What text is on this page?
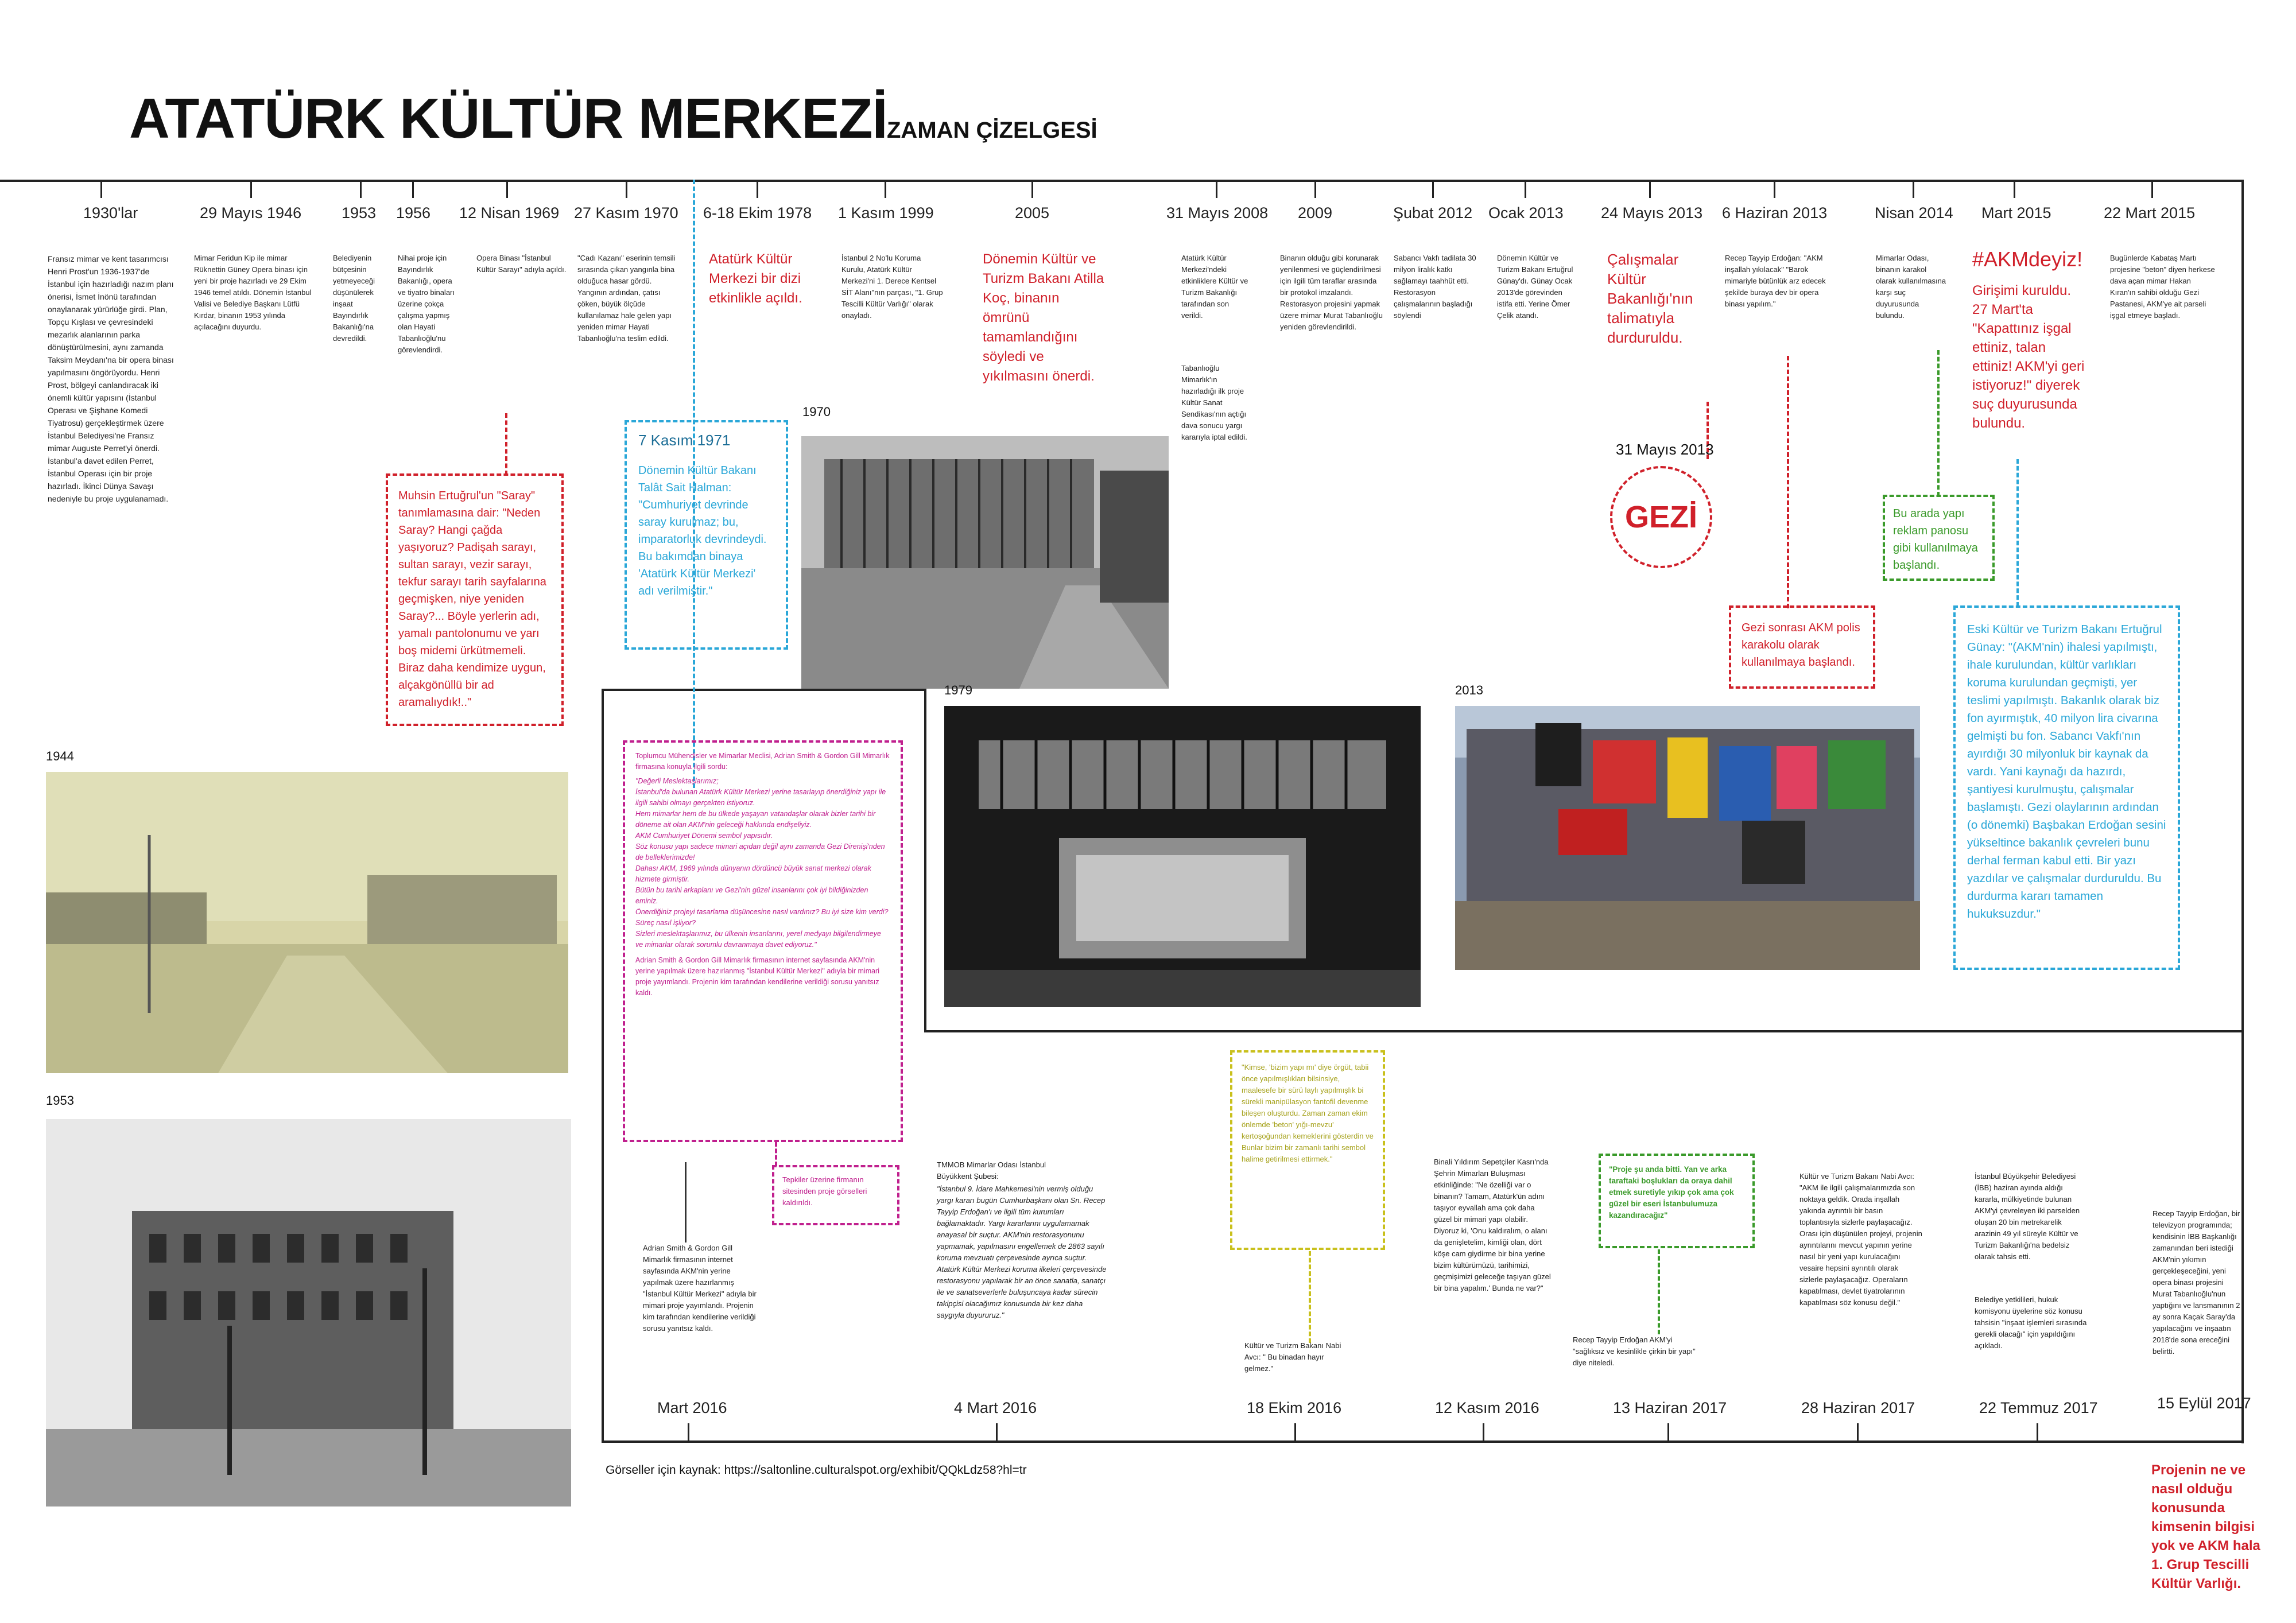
ATATÜRK KÜLTÜR MERKEZİ ZAMAN ÇİZELGESİ
1930'lar	29 Mayıs 1946	1953 1956 12 Nisan 1969 27 Kasım 1970 6-18 Ekim 1978 1 Kasım 1999	2005	31 Mayıs 2008 2009	Şubat 2012 Ocak 2013 24 Mayıs 2013 6 Haziran 2013	Nisan 2014 Mart 2015	22 Mart 2015
Fransız mimar ve kent tasarımcısı Henri Prost'un 1936-1937'de İstanbul için hazırladığı nazım planı önerisi, İsmet İnönü tarafından onaylanarak yürürlüğe girdi. Plan, Topçu Kışlası ve çevresindeki mezarlık alanlarının parka dönüştürülmesini, aynı zamanda Taksim Meydanı'na bir opera binası yapılmasını öngörüyordu. Henri Prost, bölgeyi canlandıracak iki önemli kültür yapısını (İstanbul Operası ve Şişhane Komedi Tiyatrosu) gerçekleştirmek üzere İstanbul Belediyesi'ne Fransız mimar Auguste Perret'yi önerdi. İstanbul'a davet edilen Perret, İstanbul Operası için bir proje hazırladı. İkinci Dünya Savaşı nedeniyle bu proje uygulanamadı.
Mimar Feridun Kip ile mimar Rüknettin Güney Opera binası için yeni bir proje hazırladı ve 29 Ekim 1946 temel atıldı. Dönemin İstanbul Valisi ve Belediye Başkanı Lütfü Kırdar, binanın 1953 yılında açılacağını duyurdu.
Belediyenin bütçesinin yetmeyeceği düşünülerek inşaat Bayındırlık Bakanlığı'na devredildi.
Nihai proje için Bayındırlık Bakanlığı, opera ve tiyatro binaları üzerine çokça çalışma yapmış olan Hayati Tabanlıoğlu'nu görevlendirdi.
Opera Binası "İstanbul Kültür Sarayı" adıyla açıldı.
"Cadı Kazanı" eserinin temsili sırasında çıkan yangınla bina olduğuca hasar gördü. Yangının ardından, çatısı çöken, büyük ölçüde kullanılamaz hale gelen yapı yeniden mimar Hayati Tabanlıoğlu'na teslim edildi.
Atatürk Kültür Merkezi bir dizi etkinlikle açıldı.
İstanbul 2 No'lu Koruma Kurulu, Atatürk Kültür Merkezi'ni 1. Derece Kentsel SİT Alanı"nın parçası, "1. Grup Tescilli Kültür Varlığı" olarak onayladı.
Dönemin Kültür ve Turizm Bakanı Atilla Koç, binanın ömrünü tamamlandığını söyledi ve yıkılmasını önerdi.
Atatürk Kültür Merkezi'ndeki etkinliklere Kültür ve Turizm Bakanlığı tarafından son verildi.
Tabanlıoğlu Mimarlık'ın hazırladığı ilk proje Kültür Sanat Sendikası'nın açtığı dava sonucu yargı kararıyla iptal edildi.
Binanın olduğu gibi korunarak yenilenmesi ve güçlendirilmesi için ilgili tüm taraflar arasında bir protokol imzalandı. Restorasyon projesini yapmak üzere mimar Murat Tabanlıoğlu yeniden görevlendirildi.
Sabancı Vakfı tadilata 30 milyon liralık katkı sağlamayı taahhüt etti. Restorasyon çalışmalarının başladığı söylendi
Dönemin Kültür ve Turizm Bakanı Ertuğrul Günay'dı. Günay Ocak 2013'de görevinden istifa etti. Yerine Ömer Çelik atandı.
Çalışmalar Kültür Bakanlığı'nın talimatıyla durduruldu.
Recep Tayyip Erdoğan: "AKM inşallah yıkılacak" "Barok mimariyle bütünlük arz edecek şekilde buraya dev bir opera binası yapılım."
Mimarlar Odası, binanın karakol olarak kullanılmasına karşı suç duyurusunda bulundu.
#AKMdeyiz!
Girişimi kuruldu. 27 Mart'ta "Kapattınız işgal ettiniz, talan ettiniz! AKM'yi geri istiyoruz!" diyerek suç duyurusunda bulundu.
Bugünlerde Kabataş Martı projesine "beton" diyen herkese dava açan mimar Hakan Kıran'ın sahibi olduğu Gezi Pastanesi, AKM'ye ait parseli işgal etmeye başladı.
Muhsin Ertuğrul'un "Saray" tanımlamasına dair: "Neden Saray? Hangi çağda yaşıyoruz? Padişah sarayı, sultan sarayı, vezir sarayı, tekfur sarayı tarih sayfalarına geçmişken, niye yeniden Saray?... Böyle yerlerin adı, yamalı pantolonumu ve yarı boş midemi ürkütmemeli. Biraz daha kendimize uygun, alçakgönüllü bir ad aramalıydık!.."
7 Kasım 1971
Dönemin Kültür Bakanı Talât Sait Halman: "Cumhuriyet devrinde saray kurulmaz; bu, imparatorluk devrindeydi. Bu bakımdan binaya 'Atatürk Kültür Merkezi' adı verilmiştir."
1970
1944
1953
Toplumcu Mühendisler ve Mimarlar Meclisi, Adrian Smith & Gordon Gill Mimarlık firmasına konuyla ilgili sordu:
"Değerli Meslektaşlarımız;
İstanbul'da bulunan Atatürk Kültür Merkezi yerine tasarlayıp önerdiğiniz yapı ile ilgili sahibi olmayı gerçekten istiyoruz.
Hem mimarlar hem de bu ülkede yaşayan vatandaşlar olarak bizler tarihi bir döneme ait olan AKM'nin geleceği hakkında endişeliyiz.
AKM Cumhuriyet Dönemi sembol yapısıdır.
Söz konusu yapı sadece mimari açıdan değil aynı zamanda Gezi Direnişi'nden de belleklerimizde!
Dahası AKM, 1969 yılında dünyanın dördüncü büyük sanat merkezi olarak hizmete girmiştir.
Bütün bu tarihi arkaplanı ve Gezi'nin güzel insanlarını çok iyi bildiğinizden eminiz.
Önerdiğiniz projeyi tasarlama düşüncesine nasıl vardınız? Bu iyi size kim verdi?
Süreç nasıl işliyor?
Sizleri meslektaşlarımız, bu ülkenin insanlarını, yerel medyayı bilgilendirmeye ve mimarlar olarak sorumlu davranmaya davet ediyoruz."
Adrian Smith & Gordon Gill Mimarlık firmasının internet sayfasında AKM'nin yerine yapılmak üzere hazırlanmış "İstanbul Kültür Merkezi" adıyla bir mimari proje yayımlandı. Projenin kim tarafından kendilerine verildiği sorusu yanıtsız kaldı.
Tepkiler üzerine firmanın sitesinden proje görselleri kaldırıldı.
1979	2013
31 Mayıs 2013
GEZİ
Gezi sonrası AKM polis karakolu olarak kullanılmaya başlandı.
Bu arada yapı reklam panosu gibi kullanılmaya başlandı.
Eski Kültür ve Turizm Bakanı Ertuğrul Günay: "(AKM'nin) ihalesi yapılmıştı, ihale kurulundan, kültür varlıkları koruma kurulundan geçmişti, yer teslimi yapılmıştı. Bakanlık olarak biz fon ayırmıştık, 40 milyon lira civarına gelmişti bu fon. Sabancı Vakfı'nın ayırdığı 30 milyonluk bir kaynak da vardı. Yani kaynağı da hazırdı, şantiyesi kurulmuştu, çalışmalar başlamıştı. Gezi olaylarının ardından (o dönemki) Başbakan Erdoğan sesini yükseltince bakanlık çevreleri bunu derhal ferman kabul etti. Bir yazı yazdılar ve çalışmalar durduruldu. Bu durdurma kararı tamamen hukuksuzdur."
Adrian Smith & Gordon Gill Mimarlık firmasının internet sayfasında AKM'nin yerine yapılmak üzere hazırlanmış "İstanbul Kültür Merkezi" adıyla bir mimari proje yayımlandı. Projenin kim tarafından kendilerine verildiği sorusu yanıtsız kaldı.
TMMOB Mimarlar Odası İstanbul Büyükkent Şubesi:
"İstanbul 9. İdare Mahkemesi'nin vermiş olduğu yargı kararı bugün Cumhurbaşkanı olan Sn. Recep Tayyip Erdoğan'ı ve ilgili tüm kurumları bağlamaktadır. Yargı kararlarını uygulamamak anayasal bir suçtur. AKM'nin restorasyonunu yapmamak, yapılmasını engellemek de 2863 sayılı koruma mevzuatı çerçevesinde ayrıca suçtur. Atatürk Kültür Merkezi koruma ilkeleri çerçevesinde restorasyonu yapılarak bir an önce sanatla, sanatçı ile ve sanatseverlerle buluşuncaya kadar sürecin takipçisi olacağımız konusunda bir kez daha saygıyla duyururuz."
"Kimse, 'bizim yapı mı' diye örgüt, tabii önce yapılmışlıkları bilsinsiye, maalesefe bir sürü laylı yapılmışlık bi sürekli manipülasyon fantofil devenme bileşen oluşturdu. Zaman zaman ekim önlemde 'beton' yığı-mevzu' kertoşoğundan kemeklerini gösterdin ve Bunlar bizim bir zamanlı tarihi sembol halime getirilmesi ettirmek."
Kültür ve Turizm Bakanı Nabi Avcı: " Bu binadan hayır gelmez."
Binali Yıldırım Sepetçiler Kasrı'nda Şehrin Mimarları Buluşması etkinliğinde: "Ne özelliği var o binanın? Tamam, Atatürk'ün adını taşıyor eyvallah ama çok daha güzel bir mimari yapı olabilir. Diyoruz ki, 'Onu kaldıralım, o alanı da genişletelim, kimliği olan, dört köşe cam giydirme bir bina yerine bizim kültürümüzü, tarihimizi, geçmişimizi geleceğe taşıyan güzel bir bina yapalım.' Bunda ne var?"
"Proje şu anda bitti. Yan ve arka taraftaki boşlukları da oraya dahil etmek suretiyle yıkıp çok ama çok güzel bir eseri İstanbulumuza kazandıracağız"
Recep Tayyip Erdoğan AKM'yi "sağlıksız ve kesinlikle çirkin bir yapı" diye niteledi.
Kültür ve Turizm Bakanı Nabi Avcı: "AKM ile ilgili çalışmalarımızda son noktaya geldik. Orada inşallah yakında ayrıntılı bir basın toplantısıyla sizlerle paylaşacağız. Orası için düşünülen projeyi, projenin ayrıntılarını mevcut yapının yerine nasıl bir yeni yapı kurulacağını vesaire hepsini ayrıntılı olarak sizlerle paylaşacağız. Operaların kapatılması, devlet tiyatrolarının kapatılması söz konusu değil."
İstanbul Büyükşehir Belediyesi (İBB) haziran ayında aldığı kararla, mülkiyetinde bulunan AKM'yi çevreleyen iki parselden oluşan 20 bin metrekarelik arazinin 49 yıl süreyle Kültür ve Turizm Bakanlığı'na bedelsiz olarak tahsis etti.
Belediye yetkilileri, hukuk komisyonu üyelerine söz konusu tahsisin "inşaat işlemleri sırasında gerekli olacağı" için yapıldığını açıkladı.
Recep Tayyip Erdoğan, bir televizyon programında; kendisinin İBB Başkanlığı zamanından beri istediği AKM'nin yıkımın gerçekleşeceğini, yeni opera binası projesini Murat Tabanlıoğlu'nun yaptığını ve lansmanının 2 ay sonra Kaçak Saray'da yapılacağını ve inşaatın 2018'de sona ereceğini belirtti.
Mart 2016	4 Mart 2016	18 Ekim 2016	12 Kasım 2016	13 Haziran 2017	28 Haziran 2017	22 Temmuz 2017	15 Eylül 2017
Görseller için kaynak: https://saltonline.culturalspot.org/exhibit/QQkLdz58?hl=tr	Projenin ne ve nasıl olduğu konusunda kimsenin bilgisi yok ve AKM hala 1. Grup Tescilli Kültür Varlığı.
